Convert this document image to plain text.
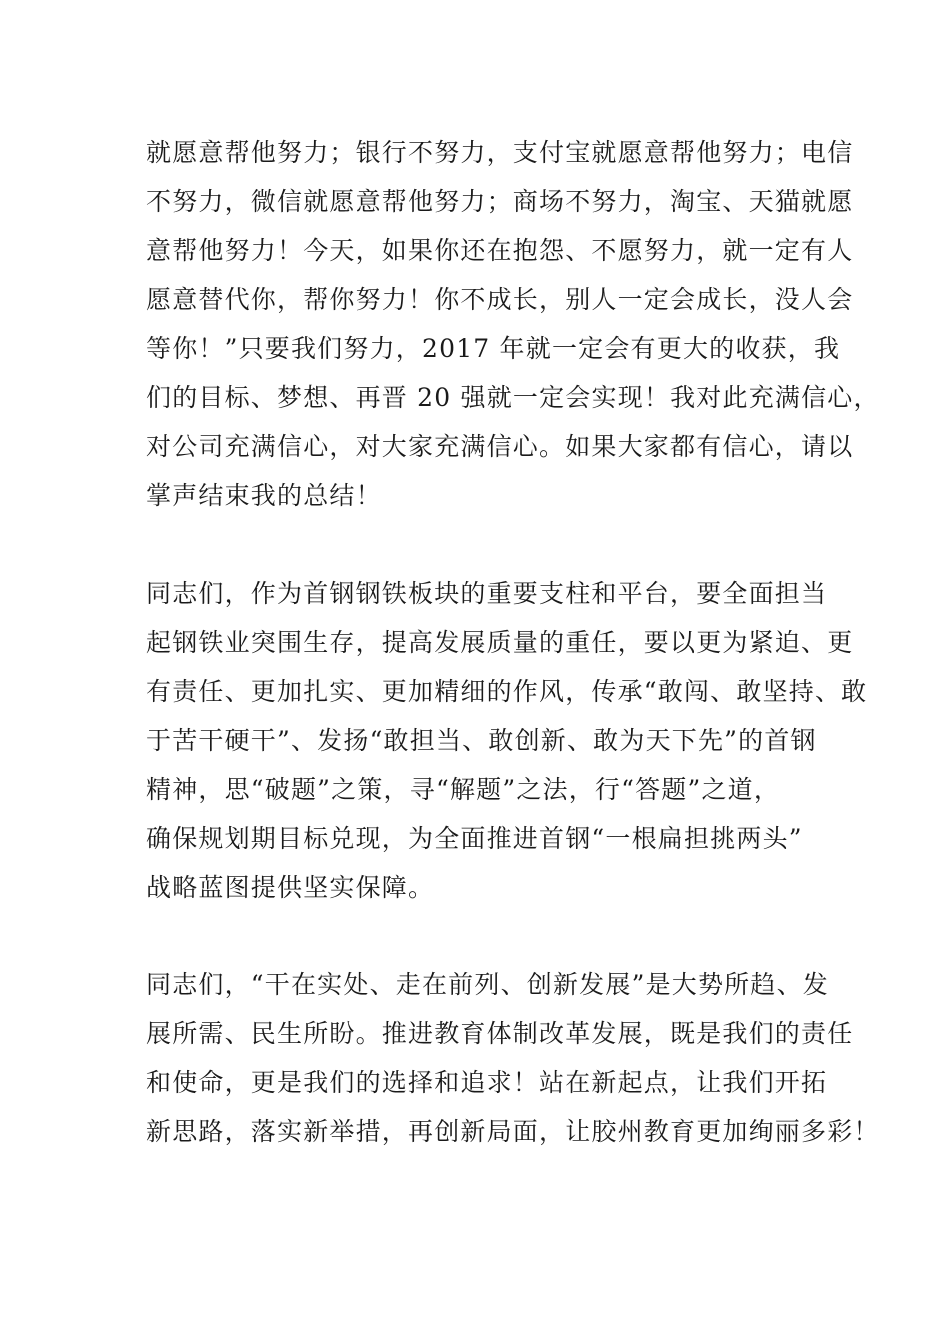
就愿意帮他努力；银行不努力，支付宝就愿意帮他努力；电信
不努力，微信就愿意帮他努力；商场不努力，淘宝、天猫就愿
意帮他努力！今天，如果你还在抱怨、不愿努力，就一定有人
愿意替代你，帮你努力！你不成长，别人一定会成长，没人会
等你！”只要我们努力，2017 年就一定会有更大的收获，我
们的目标、梦想、再晋 20 强就一定会实现！我对此充满信心，
对公司充满信心，对大家充满信心。如果大家都有信心，请以
掌声结束我的总结！
同志们，作为首钢钢铁板块的重要支柱和平台，要全面担当
起钢铁业突围生存，提高发展质量的重任，要以更为紧迫、更
有责任、更加扎实、更加精细的作风，传承“敢闯、敢坚持、敢
于苦干硬干”、发扬“敢担当、敢创新、敢为天下先”的首钢
精神，思“破题”之策，寻“解题”之法，行“答题”之道，
确保规划期目标兑现，为全面推进首钢“一根扁担挑两头”
战略蓝图提供坚实保障。
同志们，“干在实处、走在前列、创新发展”是大势所趋、发
展所需、民生所盼。推进教育体制改革发展，既是我们的责任
和使命，更是我们的选择和追求！站在新起点，让我们开拓
新思路，落实新举措，再创新局面，让胶州教育更加绚丽多彩！
